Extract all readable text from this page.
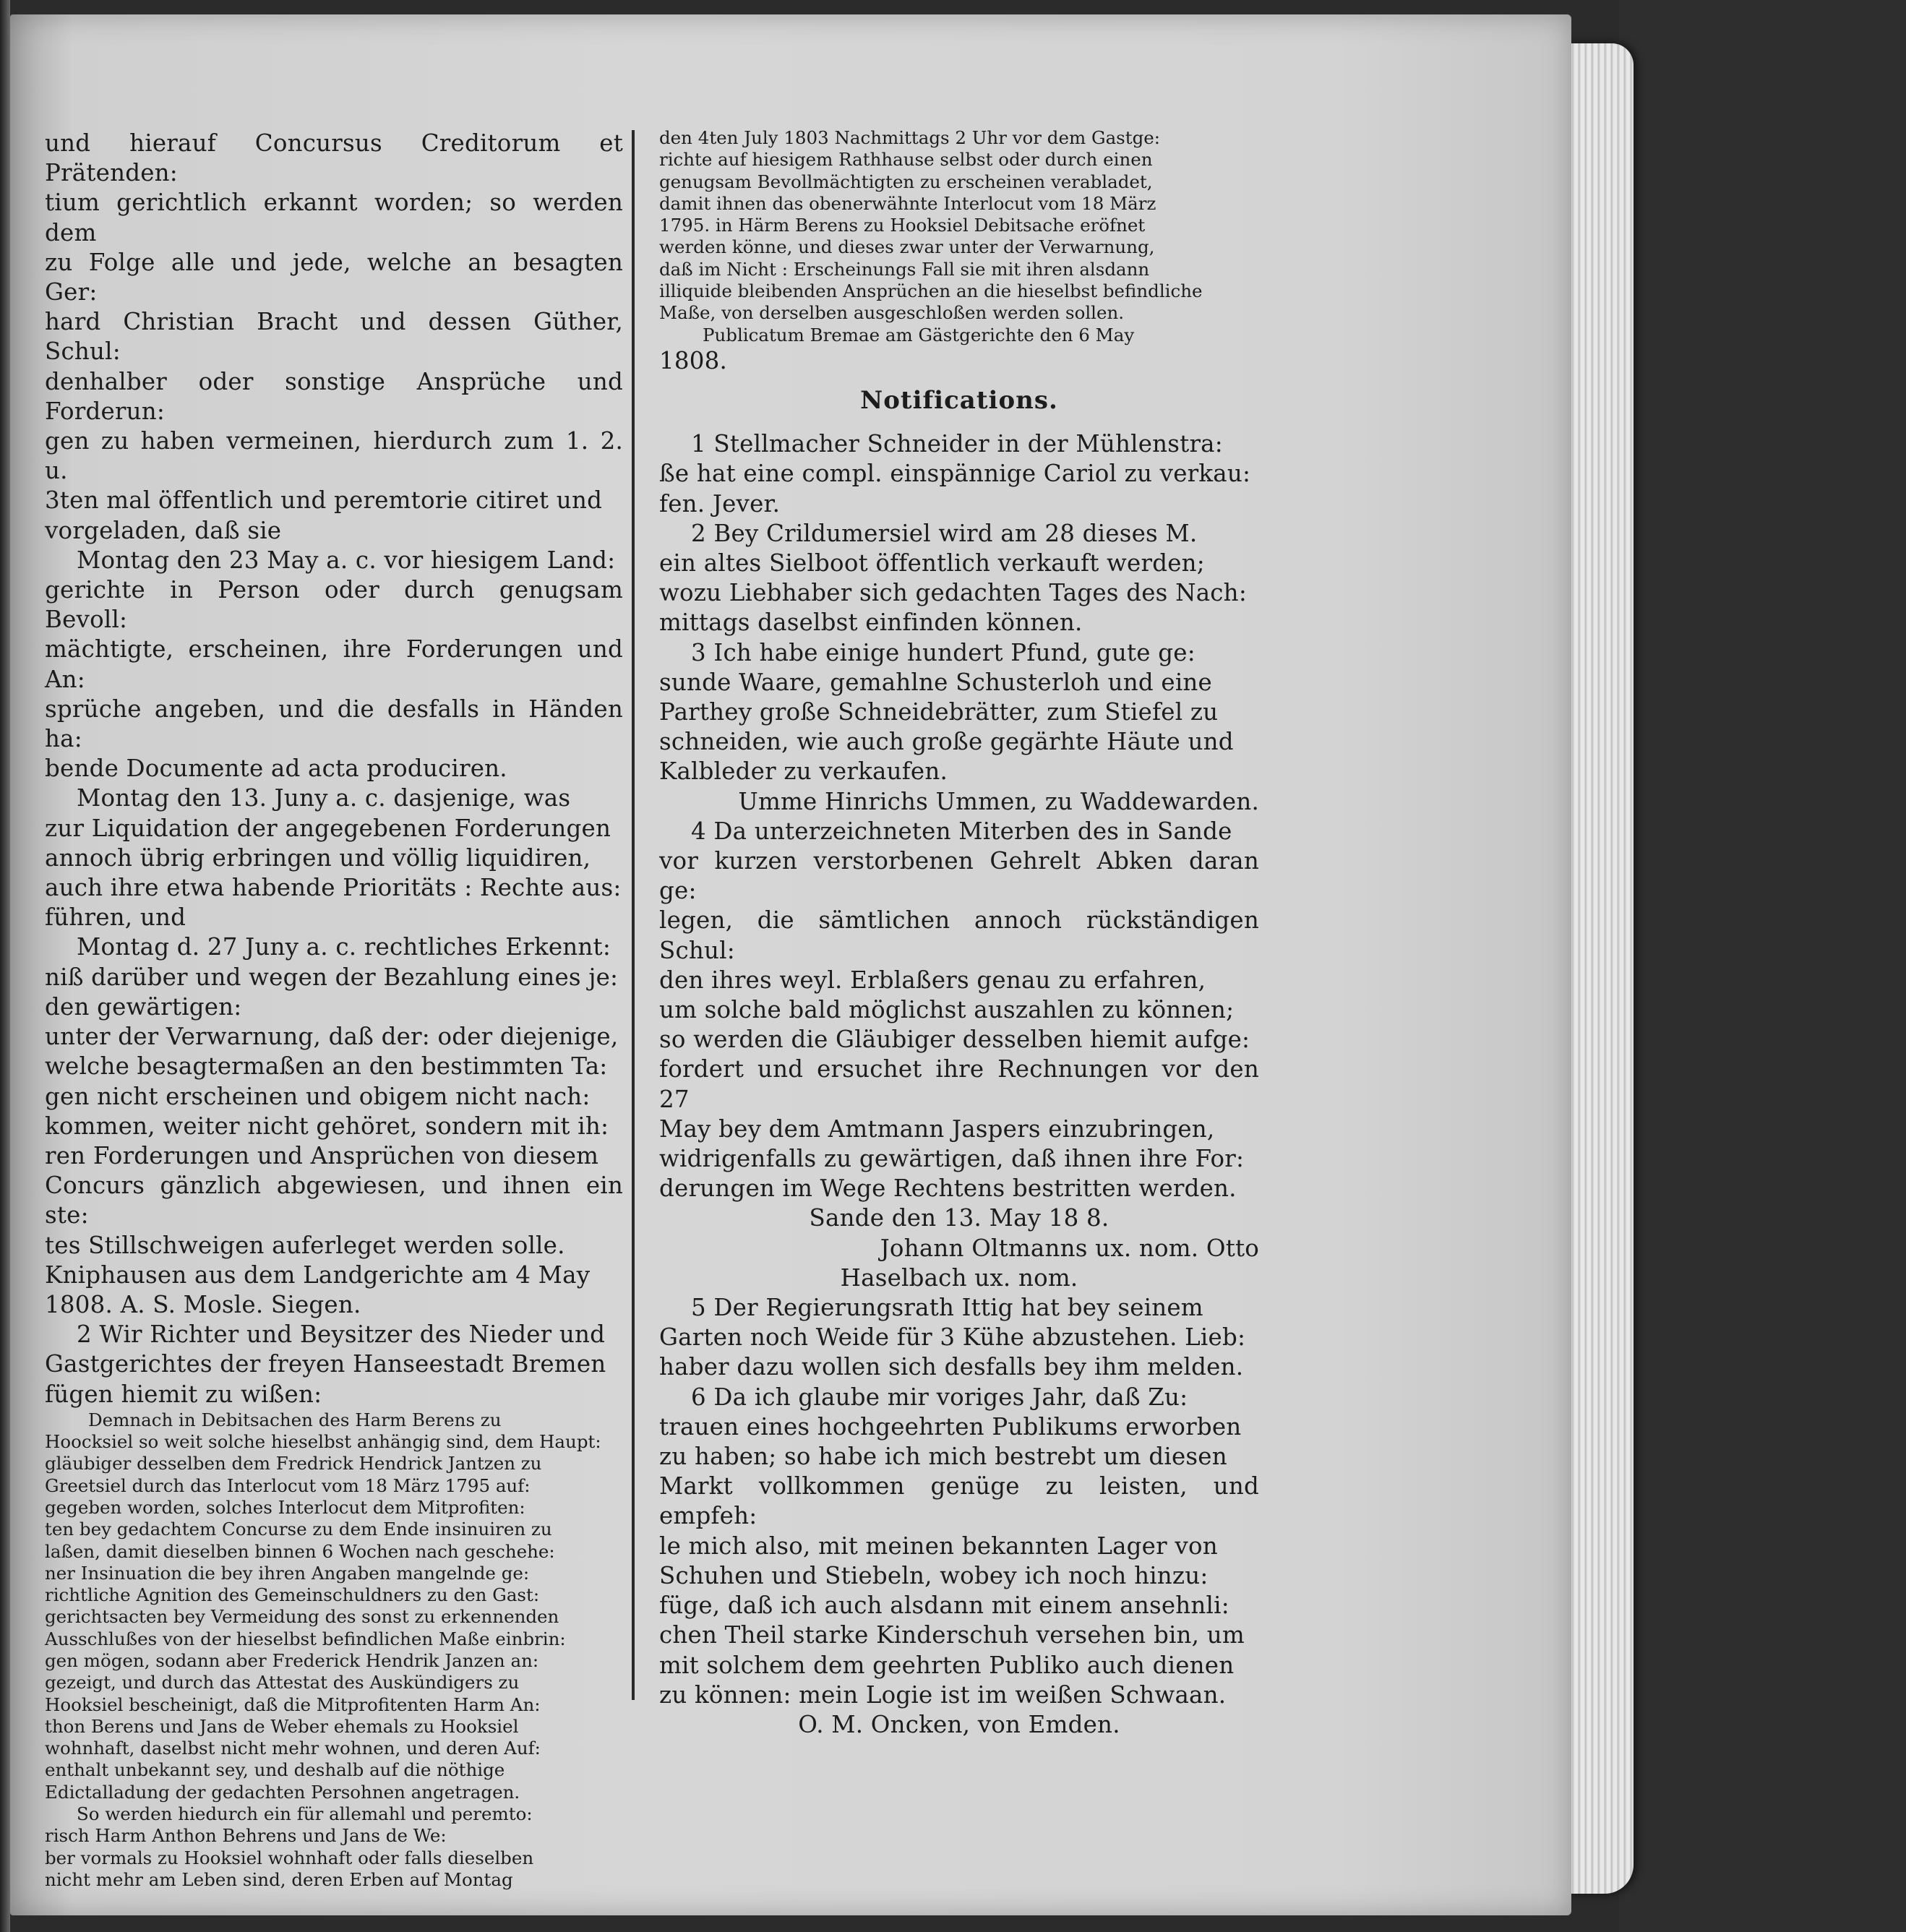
und hierauf Concursus Creditorum et Prätenden:

tium gerichtlich erkannt worden; so werden dem

zu Folge alle und jede, welche an besagten Ger:

hard Christian Bracht und dessen Güther, Schul:

denhalber oder sonstige Ansprüche und Forderun:

gen zu haben vermeinen, hierdurch zum 1. 2. u.

3ten mal öffentlich und peremtorie citiret und

vorgeladen, daß sie

Montag den 23 May a. c. vor hiesigem Land:

gerichte in Person oder durch genugsam Bevoll:

mächtigte, erscheinen, ihre Forderungen und An:

sprüche angeben, und die desfalls in Händen ha:

bende Documente ad acta produciren.

Montag den 13. Juny a. c. dasjenige, was

zur Liquidation der angegebenen Forderungen

annoch übrig erbringen und völlig liquidiren,

auch ihre etwa habende Prioritäts : Rechte aus:

führen, und

Montag d. 27 Juny a. c. rechtliches Erkennt:

niß darüber und wegen der Bezahlung eines je:

den gewärtigen:

unter der Verwarnung, daß der: oder diejenige,

welche besagtermaßen an den bestimmten Ta:

gen nicht erscheinen und obigem nicht nach:

kommen, weiter nicht gehöret, sondern mit ih:

ren Forderungen und Ansprüchen von diesem

Concurs gänzlich abgewiesen, und ihnen ein ste:

tes Stillschweigen auferleget werden solle.

Kniphausen aus dem Landgerichte am 4 May

1808. A. S. Mosle. Siegen.

2 Wir Richter und Beysitzer des Nieder und

Gastgerichtes der freyen Hanseestadt Bremen

fügen hiemit zu wißen:

Demnach in Debitsachen des Harm Berens zu

Hoocksiel so weit solche hieselbst anhängig sind, dem Haupt:

gläubiger desselben dem Fredrick Hendrick Jantzen zu

Greetsiel durch das Interlocut vom 18 März 1795 auf:

gegeben worden, solches Interlocut dem Mitprofiten:

ten bey gedachtem Concurse zu dem Ende insinuiren zu

laßen, damit dieselben binnen 6 Wochen nach geschehe:

ner Insinuation die bey ihren Angaben mangelnde ge:

richtliche Agnition des Gemeinschuldners zu den Gast:

gerichtsacten bey Vermeidung des sonst zu erkennenden

Ausschlußes von der hieselbst befindlichen Maße einbrin:

gen mögen, sodann aber Frederick Hendrik Janzen an:

gezeigt, und durch das Attestat des Auskündigers zu

Hooksiel bescheinigt, daß die Mitprofitenten Harm An:

thon Berens und Jans de Weber ehemals zu Hooksiel

wohnhaft, daselbst nicht mehr wohnen, und deren Auf:

enthalt unbekannt sey, und deshalb auf die nöthige

Edictalladung der gedachten Persohnen angetragen.

So werden hiedurch ein für allemahl und peremto:

risch Harm Anthon Behrens und Jans de We:

ber vormals zu Hooksiel wohnhaft oder falls dieselben

nicht mehr am Leben sind, deren Erben auf Montag

den 4ten July 1803 Nachmittags 2 Uhr vor dem Gastge:

richte auf hiesigem Rathhause selbst oder durch einen

genugsam Bevollmächtigten zu erscheinen verabladet,

damit ihnen das obenerwähnte Interlocut vom 18 März

1795. in Härm Berens zu Hooksiel Debitsache eröfnet

werden könne, und dieses zwar unter der Verwarnung,

daß im Nicht : Erscheinungs Fall sie mit ihren alsdann

illiquide bleibenden Ansprüchen an die hieselbst befindliche

Maße, von derselben ausgeschloßen werden sollen.

Publicatum Bremae am Gästgerichte den 6 May

1808.

Notifications.

1 Stellmacher Schneider in der Mühlenstra:

ße hat eine compl. einspännige Cariol zu verkau:

fen. Jever.

2 Bey Crildumersiel wird am 28 dieses M.

ein altes Sielboot öffentlich verkauft werden;

wozu Liebhaber sich gedachten Tages des Nach:

mittags daselbst einfinden können.

3 Ich habe einige hundert Pfund, gute ge:

sunde Waare, gemahlne Schusterloh und eine

Parthey große Schneidebrätter, zum Stiefel zu

schneiden, wie auch große gegärhte Häute und

Kalbleder zu verkaufen.

Umme Hinrichs Ummen, zu Waddewarden.

4 Da unterzeichneten Miterben des in Sande

vor kurzen verstorbenen Gehrelt Abken daran ge:

legen, die sämtlichen annoch rückständigen Schul:

den ihres weyl. Erblaßers genau zu erfahren,

um solche bald möglichst auszahlen zu können;

so werden die Gläubiger desselben hiemit aufge:

fordert und ersuchet ihre Rechnungen vor den 27

May bey dem Amtmann Jaspers einzubringen,

widrigenfalls zu gewärtigen, daß ihnen ihre For:

derungen im Wege Rechtens bestritten werden.

Sande den 13. May 18 8.

Johann Oltmanns ux. nom. Otto

Haselbach ux. nom.

5 Der Regierungsrath Ittig hat bey seinem

Garten noch Weide für 3 Kühe abzustehen. Lieb:

haber dazu wollen sich desfalls bey ihm melden.

6 Da ich glaube mir voriges Jahr, daß Zu:

trauen eines hochgeehrten Publikums erworben

zu haben; so habe ich mich bestrebt um diesen

Markt vollkommen genüge zu leisten, und empfeh:

le mich also, mit meinen bekannten Lager von

Schuhen und Stiebeln, wobey ich noch hinzu:

füge, daß ich auch alsdann mit einem ansehnli:

chen Theil starke Kinderschuh versehen bin, um

mit solchem dem geehrten Publiko auch dienen

zu können: mein Logie ist im weißen Schwaan.

O. M. Oncken, von Emden.
